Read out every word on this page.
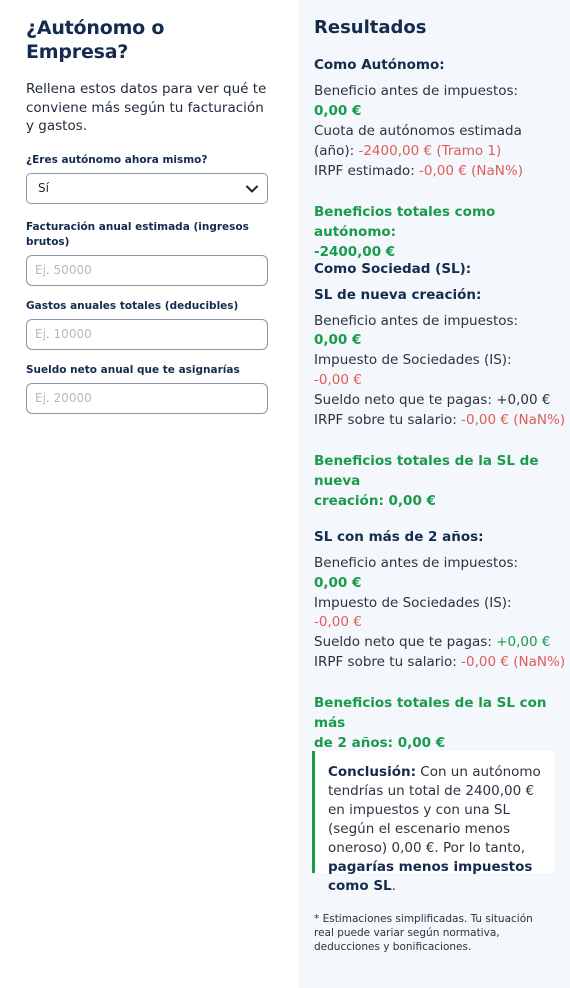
¿Autónomo o Empresa?

Rellena estos datos para ver qué te conviene más según tu facturación y gastos.

¿Eres autónomo ahora mismo?
Sí
Facturación anual estimada (ingresos brutos)
Ej. 50000
Gastos anuales totales (deducibles)
Ej. 10000
Sueldo neto anual que te asignarías
Ej. 20000
Resultados
Como Autónomo:
Beneficio antes de impuestos:
0,00 €
Cuota de autónomos estimada
(año): -2400,00 € (Tramo 1)
IRPF estimado: -0,00 € (NaN%)
Beneficios totales como autónomo:
-2400,00 €
Como Sociedad (SL):
SL de nueva creación:
Beneficio antes de impuestos:
0,00 €
Impuesto de Sociedades (IS):
-0,00 €
Sueldo neto que te pagas: +0,00 €
IRPF sobre tu salario: -0,00 € (NaN%)
Beneficios totales de la SL de nueva
creación: 0,00 €
SL con más de 2 años:
Beneficio antes de impuestos:
0,00 €
Impuesto de Sociedades (IS):
-0,00 €
Sueldo neto que te pagas: +0,00 €
IRPF sobre tu salario: -0,00 € (NaN%)
Beneficios totales de la SL con más
de 2 años: 0,00 €
Conclusión: Con un autónomo tendrías un total de 2400,00 € en impuestos y con una SL (según el escenario menos oneroso) 0,00 €. Por lo tanto, pagarías menos impuestos como SL.

* Estimaciones simplificadas. Tu situación real puede variar según normativa, deducciones y bonificaciones.
